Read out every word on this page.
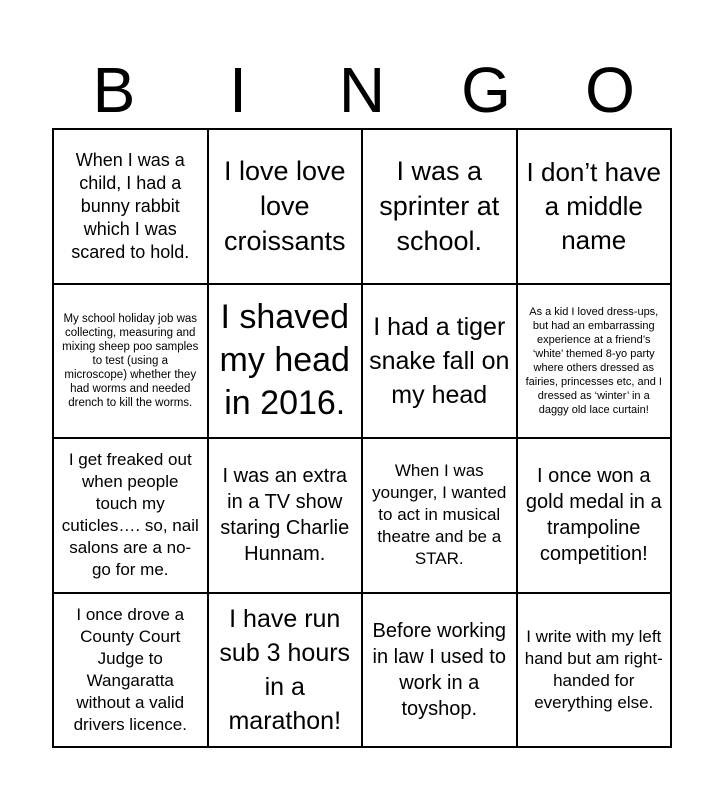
B	I	N	G	O
When I was a child, I had a bunny rabbit which I was scared to hold.
I love love love croissants
I was a sprinter at school.
I don’t have a middle name
My school holiday job was collecting, measuring and mixing sheep poo samples to test (using a microscope) whether they had worms and needed drench to kill the worms.
I shaved my head in 2016.
I had a tiger snake fall on my head
As a kid I loved dress-ups, but had an embarrassing experience at a friend’s ‘white’ themed 8-yo party where others dressed as fairies, princesses etc, and I dressed as ‘winter’ in a daggy old lace curtain!
I get freaked out when people touch my cuticles…. so, nail salons are a no-go for me.
I was an extra in a TV show staring Charlie Hunnam.
When I was younger, I wanted to act in musical theatre and be a STAR.
I once won a gold medal in a trampoline competition!
I once drove a County Court Judge to Wangaratta without a valid drivers licence.
I have run sub 3 hours in a marathon!
Before working in law I used to work in a toyshop.
I write with my left hand but am right-handed for everything else.
